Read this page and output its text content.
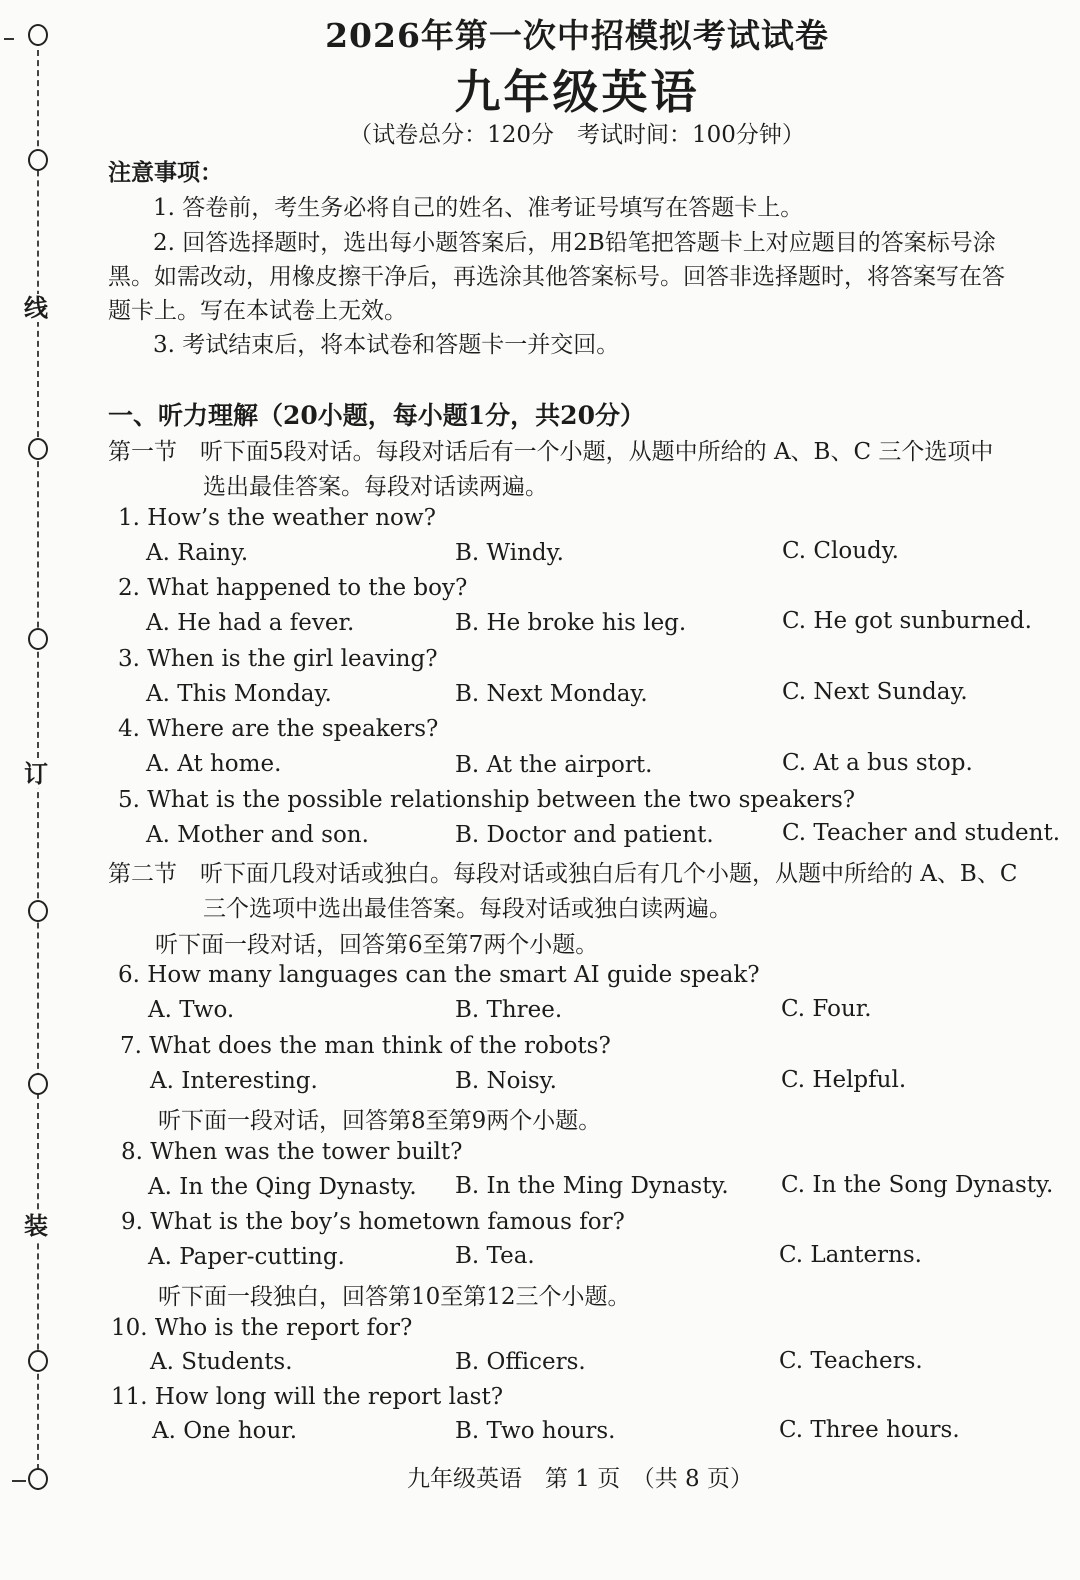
线
订
装
2026年第一次中招模拟考试试卷
九年级英语
（试卷总分：120分　考试时间：100分钟）
注意事项：
1. 答卷前，考生务必将自己的姓名、准考证号填写在答题卡上。
2. 回答选择题时，选出每小题答案后，用2B铅笔把答题卡上对应题目的答案标号涂
黑。如需改动，用橡皮擦干净后，再选涂其他答案标号。回答非选择题时，将答案写在答
题卡上。写在本试卷上无效。
3. 考试结束后，将本试卷和答题卡一并交回。
一、听力理解（20小题，每小题1分，共20分）
第一节　听下面5段对话。每段对话后有一个小题，从题中所给的 A、B、C 三个选项中
选出最佳答案。每段对话读两遍。
1. How’s the weather now?
A. Rainy.	B. Windy.	C. Cloudy.
2. What happened to the boy?
A. He had a fever.	B. He broke his leg.	C. He got sunburned.
3. When is the girl leaving?
A. This Monday.	B. Next Monday.	C. Next Sunday.
4. Where are the speakers?
A. At home.	B. At the airport.	C. At a bus stop.
5. What is the possible relationship between the two speakers?
A. Mother and son.	B. Doctor and patient.	C. Teacher and student.
第二节　听下面几段对话或独白。每段对话或独白后有几个小题，从题中所给的 A、B、C
三个选项中选出最佳答案。每段对话或独白读两遍。
听下面一段对话，回答第6至第7两个小题。
6. How many languages can the smart AI guide speak?
A. Two.	B. Three.	C. Four.
7. What does the man think of the robots?
A. Interesting.	B. Noisy.	C. Helpful.
听下面一段对话，回答第8至第9两个小题。
8. When was the tower built?
A. In the Qing Dynasty. B. In the Ming Dynasty. C. In the Song Dynasty.
9. What is the boy’s hometown famous for?
A. Paper-cutting.	B. Tea.	C. Lanterns.
听下面一段独白，回答第10至第12三个小题。
10. Who is the report for?
A. Students.	B. Officers.	C. Teachers.
11. How long will the report last?
A. One hour.	B. Two hours.	C. Three hours.
九年级英语　第 1 页　（共 8 页）
